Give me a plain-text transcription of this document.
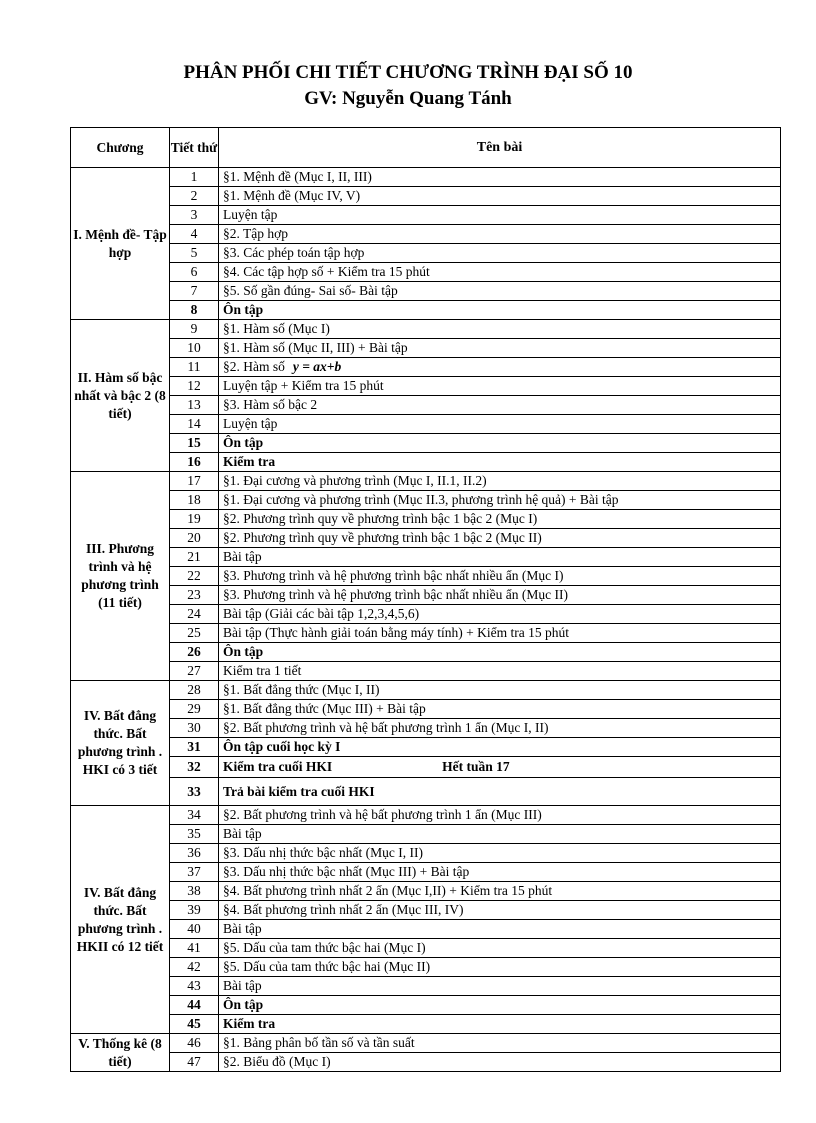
PHÂN PHỐI CHI TIẾT CHƯƠNG TRÌNH ĐẠI SỐ 10
GV: Nguyễn Quang Tánh
Chương	Tiết thứ	Tên bài
I. Mệnh đề- Tập hợp	1	§1. Mệnh đề (Mục I, II, III)
	2	§1. Mệnh đề (Mục IV, V)
	3	Luyện tập
	4	§2. Tập hợp
	5	§3. Các phép toán tập hợp
	6	§4. Các tập hợp số + Kiểm tra 15 phút
	7	§5. Số gần đúng- Sai số- Bài tập
	8	Ôn tập
II. Hàm số bậc nhất và bậc 2 (8 tiết)	9	§1. Hàm số (Mục I)
	10	§1. Hàm số (Mục II, III) + Bài tập
	11	§2. Hàm số y = ax+b
	12	Luyện tập + Kiểm tra 15 phút
	13	§3. Hàm số bậc 2
	14	Luyện tập
	15	Ôn tập
	16	Kiểm tra
III. Phương trình và hệ phương trình (11 tiết)	17	§1. Đại cương và phương trình (Mục I, II.1, II.2)
	18	§1. Đại cương và phương trình (Mục II.3, phương trình hệ quả) + Bài tập
	19	§2. Phương trình quy về phương trình bậc 1 bậc 2 (Mục I)
	20	§2. Phương trình quy về phương trình bậc 1 bậc 2 (Mục II)
	21	Bài tập
	22	§3. Phương trình và hệ phương trình bậc nhất nhiều ẩn (Mục I)
	23	§3. Phương trình và hệ phương trình bậc nhất nhiều ẩn (Mục II)
	24	Bài tập (Giải các bài tập 1,2,3,4,5,6)
	25	Bài tập (Thực hành giải toán bằng máy tính) + Kiểm tra 15 phút
	26	Ôn tập
	27	Kiểm tra 1 tiết
IV. Bất đẳng thức. Bất phương trình . HKI có 3 tiết	28	§1. Bất đẳng thức (Mục I, II)
	29	§1. Bất đẳng thức (Mục III) + Bài tập
	30	§2. Bất phương trình và hệ bất phương trình 1 ẩn (Mục I, II)
	31	Ôn tập cuối học kỳ I
	32	Kiểm tra cuối HKI Hết tuần 17
	33	Trả bài kiểm tra cuối HKI
IV. Bất đẳng thức. Bất phương trình . HKII có 12 tiết	34	§2. Bất phương trình và hệ bất phương trình 1 ẩn (Mục III)
	35	Bài tập
	36	§3. Dấu nhị thức bậc nhất (Mục I, II)
	37	§3. Dấu nhị thức bậc nhất (Mục III) + Bài tập
	38	§4. Bất phương trình nhất 2 ẩn (Mục I,II) + Kiểm tra 15 phút
	39	§4. Bất phương trình nhất 2 ẩn (Mục III, IV)
	40	Bài tập
	41	§5. Dấu của tam thức bậc hai (Mục I)
	42	§5. Dấu của tam thức bậc hai (Mục II)
	43	Bài tập
	44	Ôn tập
	45	Kiểm tra
V. Thống kê (8 tiết)	46	§1. Bảng phân bố tần số và tần suất
	47	§2. Biểu đồ (Mục I)
